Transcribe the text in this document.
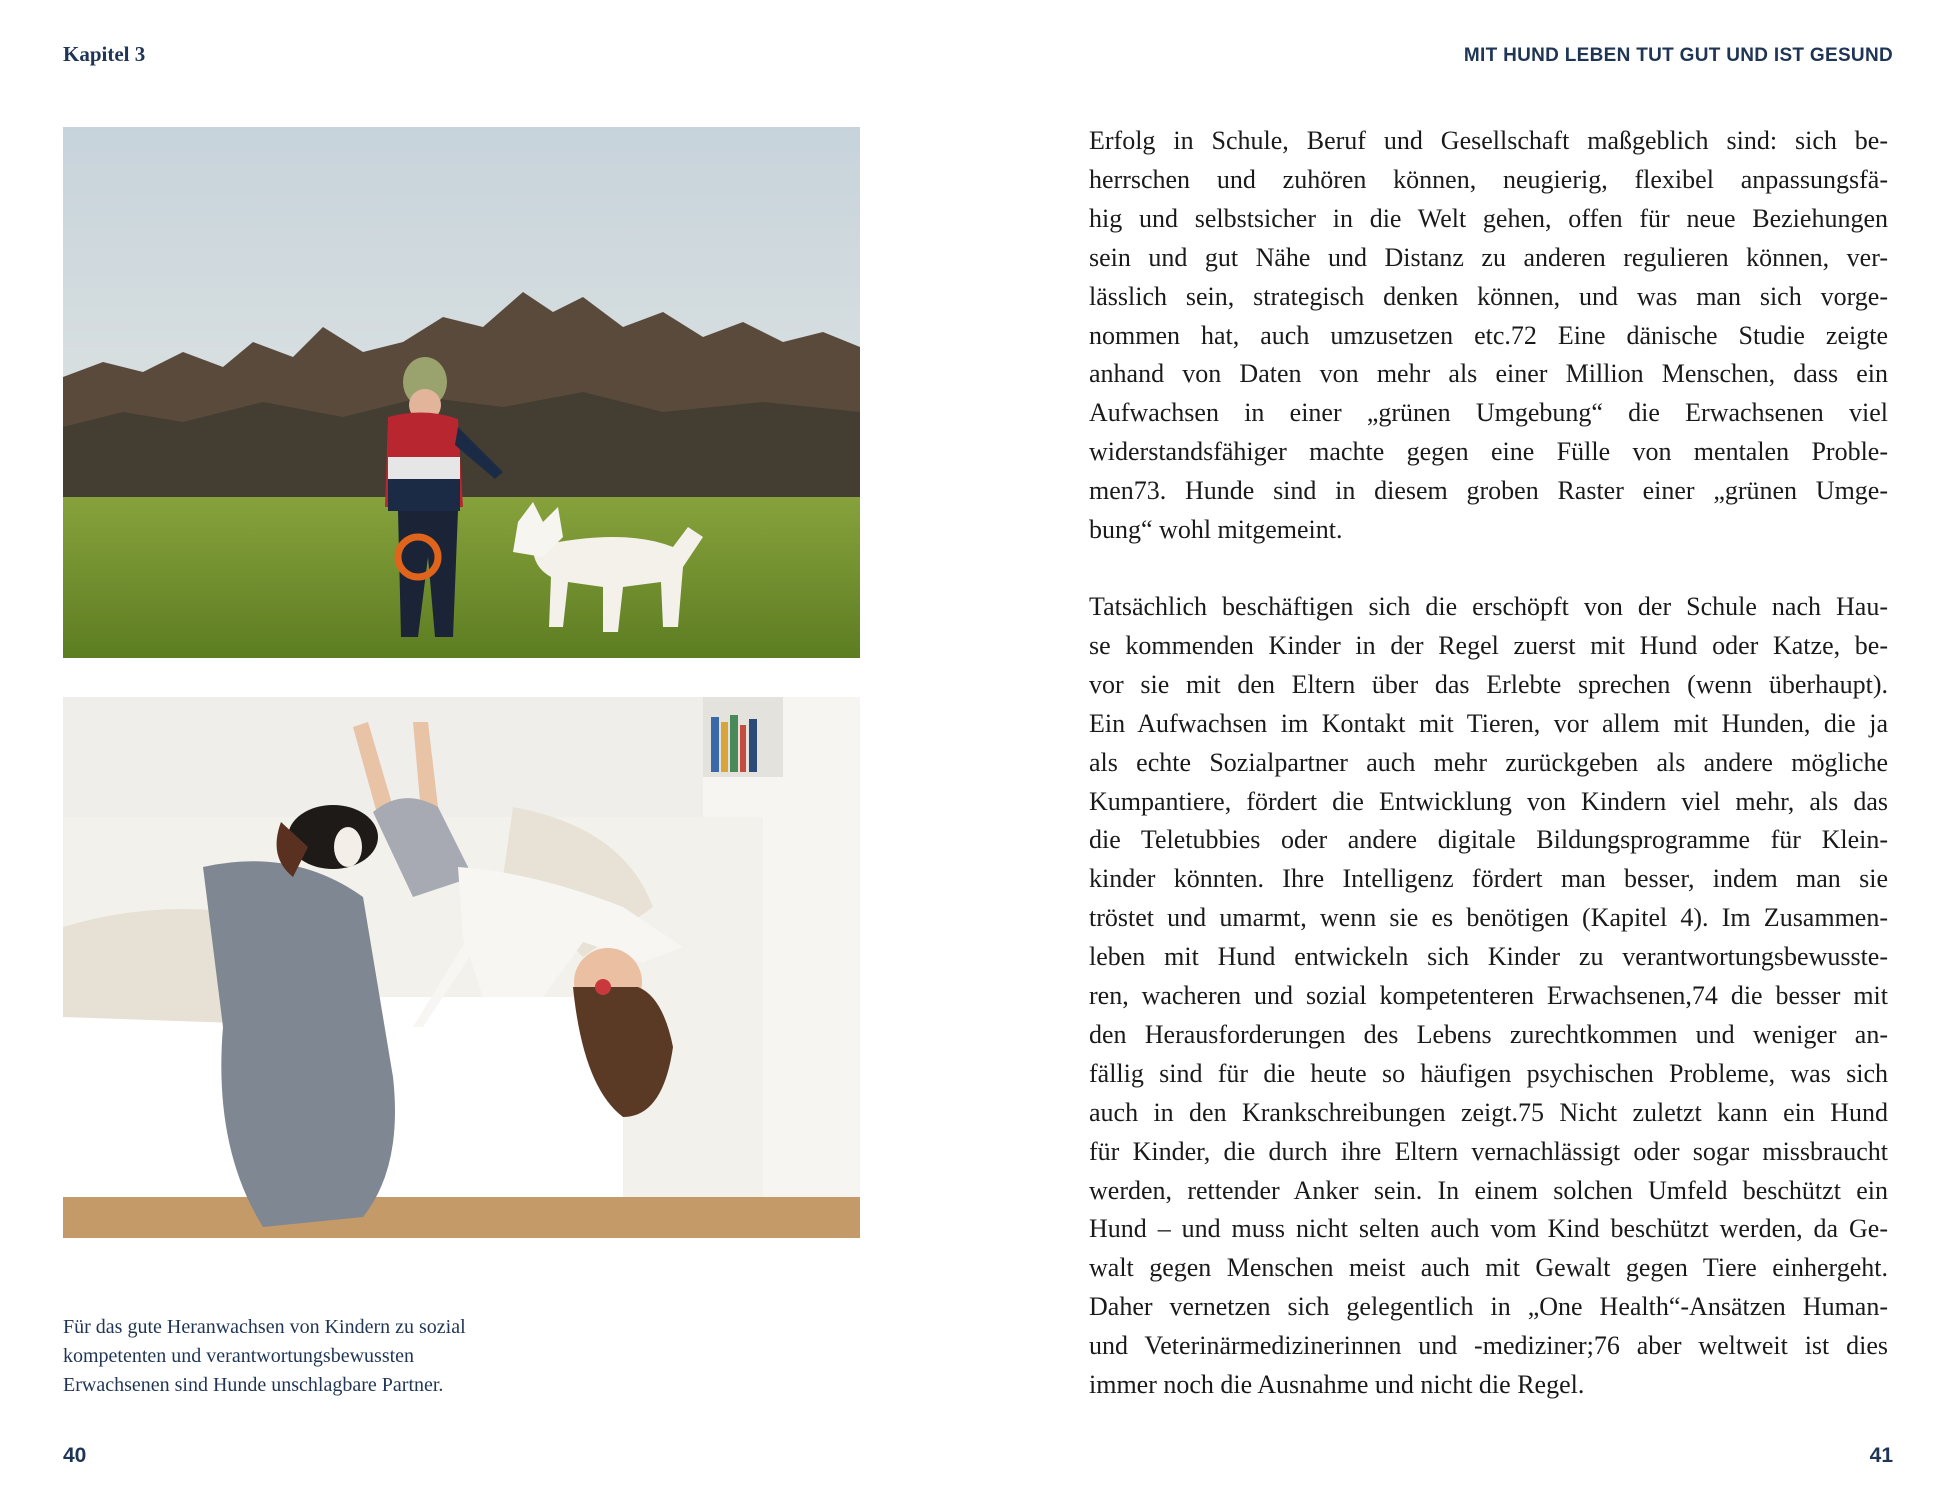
Kapitel 3	MIT HUND LEBEN TUT GUT UND IST GESUND
Für das gute Heranwachsen von Kindern zu sozial
kompetenten und verantwortungsbewussten
Erwachsenen sind Hunde unschlagbare Partner.
Erfolg in Schule, Beruf und Gesellschaft maßgeblich sind: sich be-
herrschen und zuhören können, neugierig, flexibel anpassungsfä-
hig und selbstsicher in die Welt gehen, offen für neue Beziehungen
sein und gut Nähe und Distanz zu anderen regulieren können, ver-
lässlich sein, strategisch denken können, und was man sich vorge-
nommen hat, auch umzusetzen etc.72 Eine dänische Studie zeigte
anhand von Daten von mehr als einer Million Menschen, dass ein
Aufwachsen in einer „grünen Umgebung“ die Erwachsenen viel
widerstandsfähiger machte gegen eine Fülle von mentalen Proble-
men73. Hunde sind in diesem groben Raster einer „grünen Umge-
bung“ wohl mitgemeint.
Tatsächlich beschäftigen sich die erschöpft von der Schule nach Hau-
se kommenden Kinder in der Regel zuerst mit Hund oder Katze, be-
vor sie mit den Eltern über das Erlebte sprechen (wenn überhaupt).
Ein Aufwachsen im Kontakt mit Tieren, vor allem mit Hunden, die ja
als echte Sozialpartner auch mehr zurückgeben als andere mögliche
Kumpantiere, fördert die Entwicklung von Kindern viel mehr, als das
die Teletubbies oder andere digitale Bildungsprogramme für Klein-
kinder könnten. Ihre Intelligenz fördert man besser, indem man sie
tröstet und umarmt, wenn sie es benötigen (Kapitel 4). Im Zusammen-
leben mit Hund entwickeln sich Kinder zu verantwortungsbewusste-
ren, wacheren und sozial kompetenteren Erwachsenen,74 die besser mit
den Herausforderungen des Lebens zurechtkommen und weniger an-
fällig sind für die heute so häufigen psychischen Probleme, was sich
auch in den Krankschreibungen zeigt.75 Nicht zuletzt kann ein Hund
für Kinder, die durch ihre Eltern vernachlässigt oder sogar missbraucht
werden, rettender Anker sein. In einem solchen Umfeld beschützt ein
Hund – und muss nicht selten auch vom Kind beschützt werden, da Ge-
walt gegen Menschen meist auch mit Gewalt gegen Tiere einhergeht.
Daher vernetzen sich gelegentlich in „One Health“-Ansätzen Human-
und Veterinärmedizinerinnen und -mediziner;76 aber weltweit ist dies
immer noch die Ausnahme und nicht die Regel.
40	41
